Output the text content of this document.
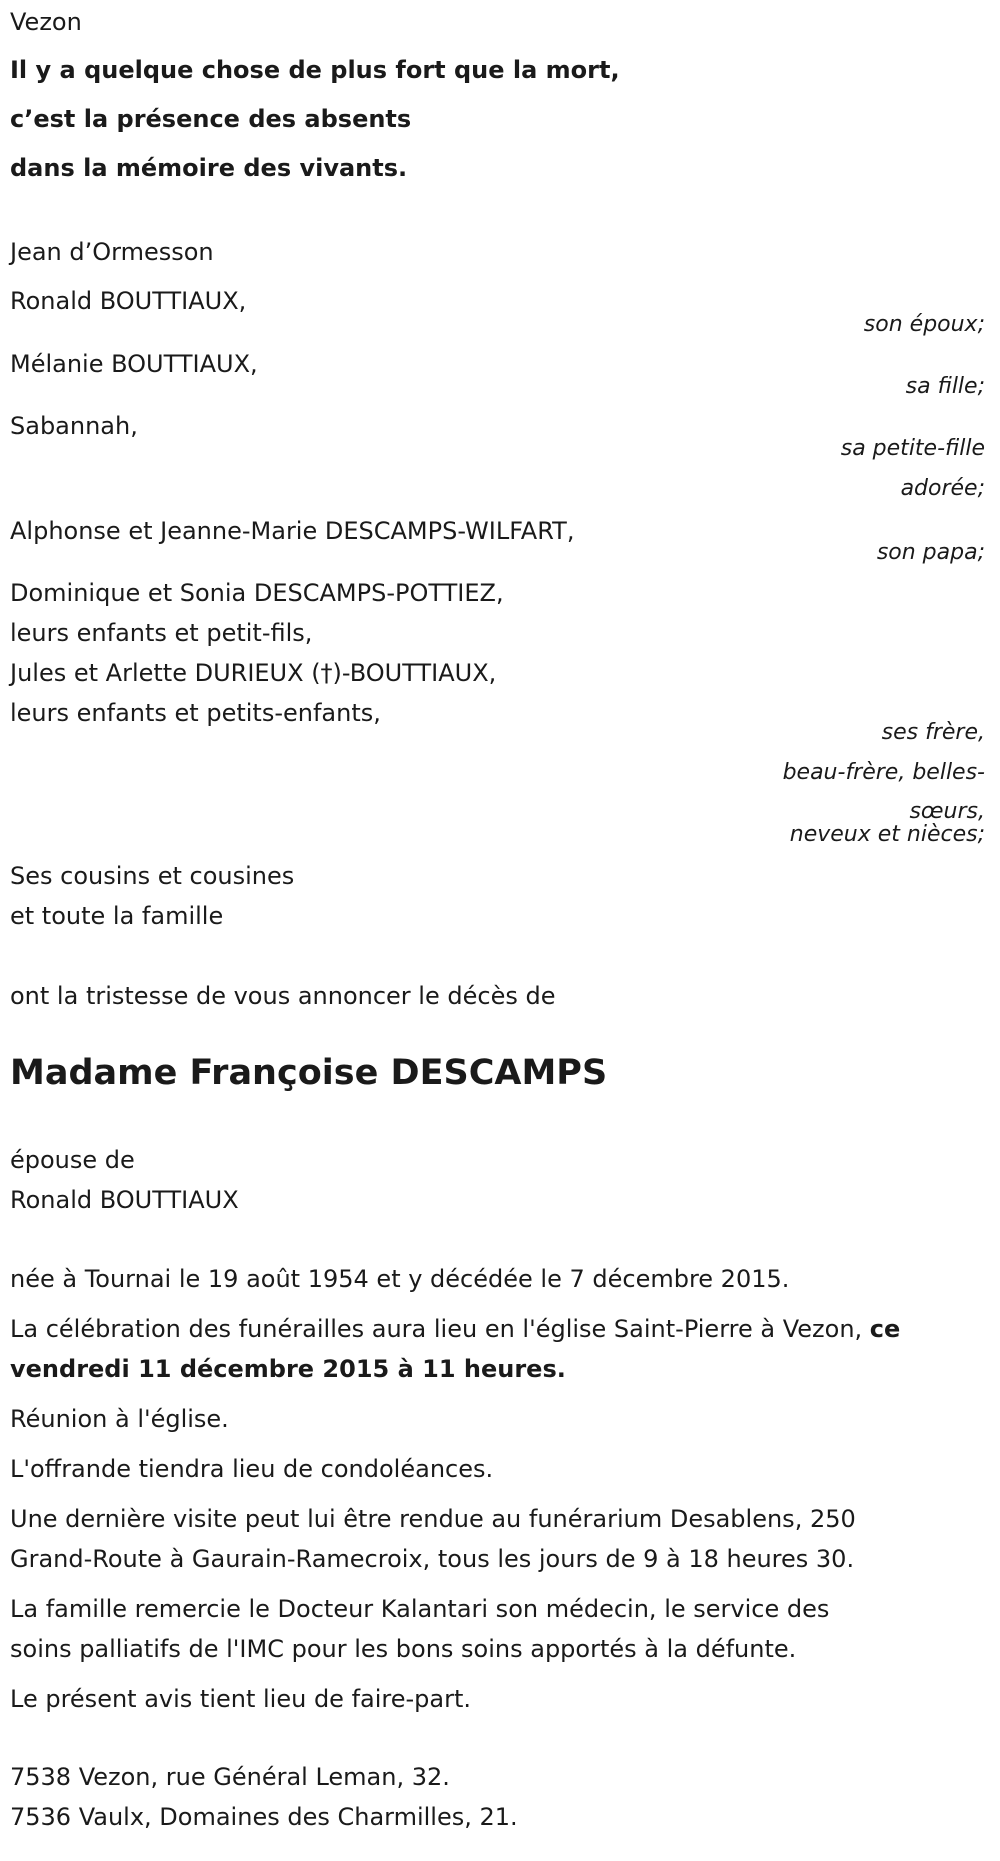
Vezon
Il y a quelque chose de plus fort que la mort,
c’est la présence des absents
dans la mémoire des vivants.
Jean d’Ormesson
Ronald BOUTTIAUX,
son époux;
Mélanie BOUTTIAUX,
sa fille;
Sabannah,
sa petite-fille
adorée;
Alphonse et Jeanne-Marie DESCAMPS-WILFART,
son papa;
Dominique et Sonia DESCAMPS-POTTIEZ,
leurs enfants et petit-fils,
Jules et Arlette DURIEUX (†)-BOUTTIAUX,
leurs enfants et petits-enfants,
ses frère,
beau-frère, belles-
sœurs,
neveux et nièces;
Ses cousins et cousines
et toute la famille
ont la tristesse de vous annoncer le décès de
Madame Françoise DESCAMPS
épouse de
Ronald BOUTTIAUX
née à Tournai le 19 août 1954 et y décédée le 7 décembre 2015.
La célébration des funérailles aura lieu en l'église Saint-Pierre à Vezon, ce
vendredi 11 décembre 2015 à 11 heures.
Réunion à l'église.
L'offrande tiendra lieu de condoléances.
Une dernière visite peut lui être rendue au funérarium Desablens, 250
Grand-Route à Gaurain-Ramecroix, tous les jours de 9 à 18 heures 30.
La famille remercie le Docteur Kalantari son médecin, le service des
soins palliatifs de l'IMC pour les bons soins apportés à la défunte.
Le présent avis tient lieu de faire-part.
7538 Vezon, rue Général Leman, 32.
7536 Vaulx, Domaines des Charmilles, 21.
